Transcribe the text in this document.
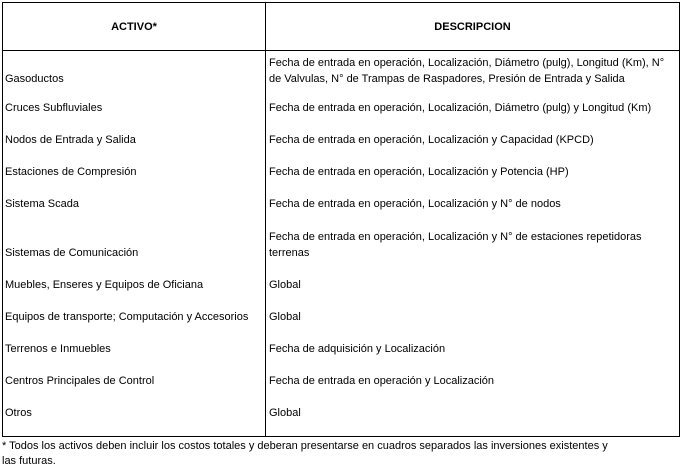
ACTIVO*	DESCRIPCION
Fecha de entrada en operación, Localización, Diámetro (pulg), Longitud (Km), N° de Valvulas, N° de Trampas de Raspadores, Presión de Entrada y Salida
Gasoductos
Fecha de entrada en operación, Localización, Diámetro (pulg) y Longitud (Km)
Cruces Subfluviales
Fecha de entrada en operación, Localización y Capacidad (KPCD)
Nodos de Entrada y Salida
Fecha de entrada en operación, Localización y Potencia (HP)
Estaciones de Compresión
Fecha de entrada en operación, Localización y N° de nodos
Sistema Scada
Fecha de entrada en operación, Localización y N° de estaciones repetidoras terrenas
Sistemas de Comunicación
Global
Muebles, Enseres y Equipos de Oficiana
Global
Equipos de transporte; Computación y Accesorios
Fecha de adquisición y Localización
Terrenos e Inmuebles
Fecha de entrada en operación y Localización
Centros Principales de Control
Global
Otros
* Todos los activos deben incluir los costos totales y deberan presentarse en cuadros separados las inversiones existentes y las futuras.
